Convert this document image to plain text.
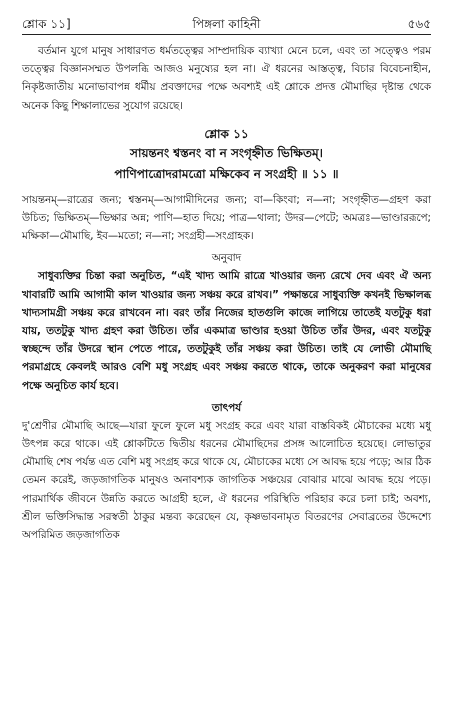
শ্লোক ১১]	পিঙ্গলা কাহিনী	৫৬৫

বর্তমান যুগে মানুষ সাধারণত ধর্মতত্ত্বের সাম্প্রদায়িক ব্যাখ্যা মেনে চলে, এবং তা সত্ত্বেও পরম তত্ত্বের বিজ্ঞানসম্মত উপলব্ধি আজও মনুষ্যের হল না। ঐ ধরনের আস্তত্ত্ব, বিচার বিবেচনাহীন, নিকৃষ্টজাতীয় মনোভাবাপন্ন ধর্মীয় প্রবক্তাদের পক্ষে অবশ্যই এই শ্লোকে প্রদত্ত মৌমাছির দৃষ্টান্ত থেকে অনেক কিছু শিক্ষালাভের সুযোগ রয়েছে।

শ্লোক ১১
সায়ন্তনং শ্বস্তনং বা ন সংগৃহ্নীত ভিক্ষিতম্।
পাণিপাত্রোদরামত্রো মক্ষিকেব ন সংগ্রহী ॥ ১১ ॥

সায়ন্তনম্—রাত্রের জন্য; শ্বস্তনম্—আগামীদিনের জন্য; বা—কিংবা; ন—না; সংগৃহ্নীত—গ্রহণ করা উচিত; ভিক্ষিতম্—ভিক্ষার অন্ন; পাণি—হাত দিয়ে; পাত্র—থালা; উদর—পেটে; অমত্রঃ—ভাণ্ডাররূপে; মক্ষিকা—মৌমাছি, ইব—মতো; ন—না; সংগ্রহী—সংগ্রাহক।

অনুবাদ

সাধুব্যক্তির চিন্তা করা অনুচিত, “এই খাদ্য আমি রাত্রে খাওয়ার জন্য রেখে দেব এবং ঐ অন্য খাবারটি আমি আগামী কাল খাওয়ার জন্য সঞ্চয় করে রাখব।” পক্ষান্তরে সাধুব্যক্তি কখনই ভিক্ষালব্ধ খাদ্যসামগ্রী সঞ্চয় করে রাখবেন না। বরং তাঁর নিজের হাতগুলি কাজে লাগিয়ে তাতেই যতটুকু ধরা যায়, ততটুকু খাদ্য গ্রহণ করা উচিত। তাঁর একমাত্র ভাণ্ডার হওয়া উচিত তাঁর উদর, এবং যতটুকু স্বচ্ছন্দে তাঁর উদরে স্থান পেতে পারে, ততটুকুই তাঁর সঞ্চয় করা উচিত। তাই যে লোভী মৌমাছি পরমাগ্রহে কেবলই আরও বেশি মধু সংগ্রহ এবং সঞ্চয় করতে থাকে, তাকে অনুকরণ করা মানুষের পক্ষে অনুচিত কার্য হবে।

তাৎপর্য

দু'শ্রেণীর মৌমাছি আছে—যারা ফুলে ফুলে মধু সংগ্রহ করে এবং যারা বাস্তবিকই মৌচাকের মধ্যে মধু উৎপন্ন করে থাকে। এই শ্লোকটিতে দ্বিতীয় ধরনের মৌমাছিদের প্রসঙ্গ আলোচিত হয়েছে। লোভাতুর মৌমাছি শেষ পর্যন্ত এত বেশি মধু সংগ্রহ করে থাকে যে, মৌচাকের মধ্যে সে আবদ্ধ হয়ে পড়ে; আর ঠিক তেমন করেই, জড়জাগতিক মানুষও অনাবশ্যক জাগতিক সঞ্চয়ের বোঝার মাঝে আবদ্ধ হয়ে পড়ে। পারমার্থিক জীবনে উন্নতি করতে আগ্রহী হলে, ঐ ধরনের পরিস্থিতি পরিহার করে চলা চাই; অবশ্য, শ্রীল ভক্তিসিদ্ধান্ত সরস্বতী ঠাকুর মন্তব্য করেছেন যে, কৃষ্ণভাবনামৃত বিতরণের সেবাব্রতের উদ্দেশ্যে অপরিমিত জড়জাগতিক
